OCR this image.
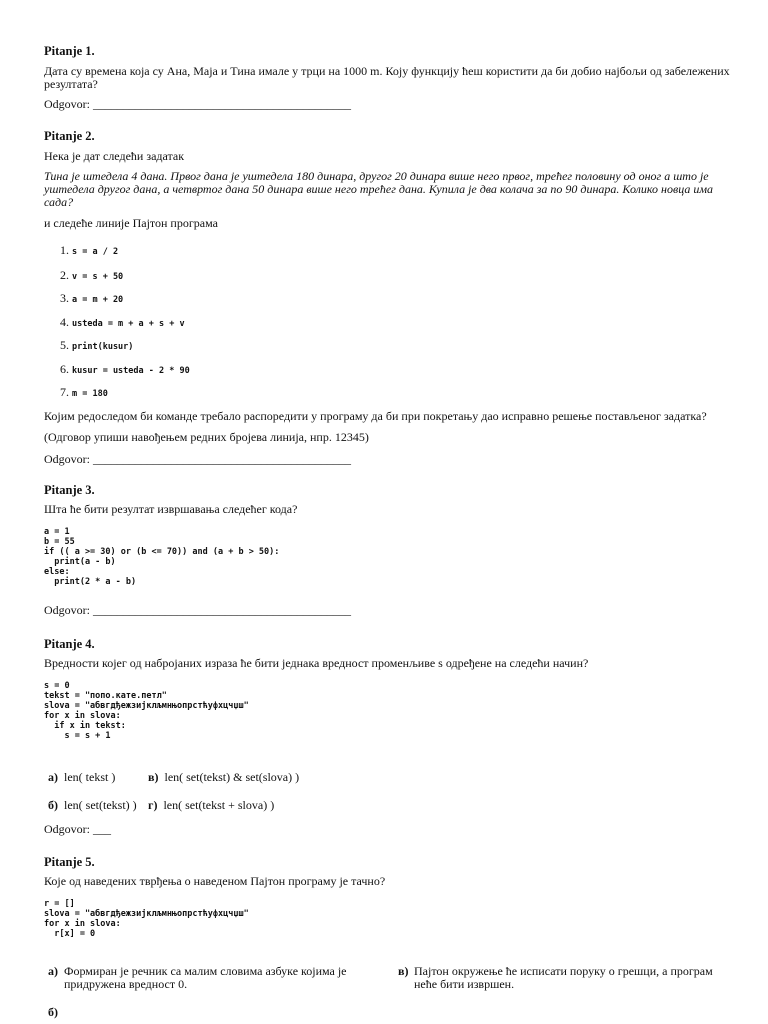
Pitanje 1.
Дата су времена која су Ана, Маја и Тина имале у трци на 1000 m. Коју функцију ћеш користити да би добио најбољи од забележених резултата?
Odgovor: ___________________________________________
Pitanje 2.
Нека је дат следећи задатак
Тина је штедела 4 дана. Првог дана је уштедела 180 динара, другог 20 динара више него првог, трећег половину од оног а што је уштедела другог дана, а четвртог дана 50 динара више него трећег дана. Купила је два колача за по 90 динара. Колико новца има сада?
и следеће линије Пајтон програма
1. s = a / 2
2. v = s + 50
3. a = m + 20
4. usteda = m + a + s + v
5. print(kusur)
6. kusur = usteda - 2 * 90
7. m = 180
Којим редоследом би команде требало распоредити у програму да би при покретању дао исправно решење постављеног задатка?
(Одговор упиши навођењем редних бројева линија, нпр. 12345)
Odgovor: ___________________________________________
Pitanje 3.
Шта ће бити резултат извршавања следећег кода?
a = 1
b = 55
if (( a >= 30) or (b <= 70)) and (a + b > 50):
print(a - b)
else:
print(2 * a - b)
Odgovor: ___________________________________________
Pitanje 4.
Вредности којег од набројаних израза ће бити једнака вредност променљиве s одређене на следећи начин?
s = 0
tekst = "попо.кате.петл"
slova = "абвгдђежзијклљмнњопрстћуфхцчџш"
for x in slova:
if x in tekst:
s = s + 1
а) len( tekst )	в) len( set(tekst) & set(slova) )
б) len( set(tekst) ) г) len( set(tekst + slova) )
Odgovor: ___
Pitanje 5.
Које од наведених тврђења о наведеном Пајтон програму је тачно?
r = []
slova = "абвгдђежзијклљмнњопрстћуфхцчџш"
for x in slova:
r[x] = 0
а) Формиран је речник са малим словима азбуке којима је придружена вредност 0.
в) Пајтон окружење ће исписати поруку о грешци, а програм неће бити извршен.
б)
